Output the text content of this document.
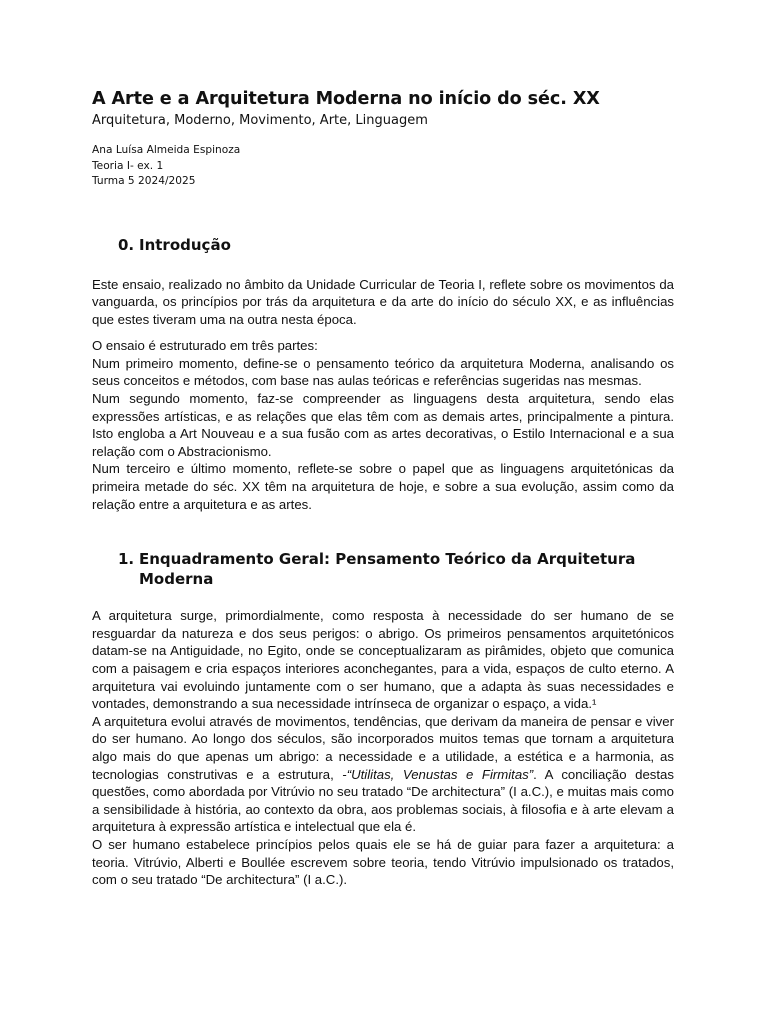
A Arte e a Arquitetura Moderna no início do séc. XX
Arquitetura, Moderno, Movimento, Arte, Linguagem
Ana Luísa Almeida Espinoza
Teoria I- ex. 1
Turma 5 2024/2025
0. Introdução

Este ensaio, realizado no âmbito da Unidade Curricular de Teoria I, reflete sobre os movimentos da vanguarda, os princípios por trás da arquitetura e da arte do início do século XX, e as influências que estes tiveram uma na outra nesta época.

O ensaio é estruturado em três partes:

Num primeiro momento, define-se o pensamento teórico da arquitetura Moderna, analisando os seus conceitos e métodos, com base nas aulas teóricas e referências sugeridas nas mesmas.

Num segundo momento, faz-se compreender as linguagens desta arquitetura, sendo elas expressões artísticas, e as relações que elas têm com as demais artes, principalmente a pintura. Isto engloba a Art Nouveau e a sua fusão com as artes decorativas, o Estilo Internacional e a sua relação com o Abstracionismo.

Num terceiro e último momento, reflete-se sobre o papel que as linguagens arquitetónicas da primeira metade do séc. XX têm na arquitetura de hoje, e sobre a sua evolução, assim como da relação entre a arquitetura e as artes.

1. Enquadramento Geral: Pensamento Teórico da Arquitetura Moderna

A arquitetura surge, primordialmente, como resposta à necessidade do ser humano de se resguardar da natureza e dos seus perigos: o abrigo. Os primeiros pensamentos arquitetónicos datam-se na Antiguidade, no Egito, onde se conceptualizaram as pirâmides, objeto que comunica com a paisagem e cria espaços interiores aconchegantes, para a vida, espaços de culto eterno. A arquitetura vai evoluindo juntamente com o ser humano, que a adapta às suas necessidades e vontades, demonstrando a sua necessidade intrínseca de organizar o espaço, a vida.¹

A arquitetura evolui através de movimentos, tendências, que derivam da maneira de pensar e viver do ser humano. Ao longo dos séculos, são incorporados muitos temas que tornam a arquitetura algo mais do que apenas um abrigo: a necessidade e a utilidade, a estética e a harmonia, as tecnologias construtivas e a estrutura, -“Utilitas, Venustas e Firmitas”. A conciliação destas questões, como abordada por Vitrúvio no seu tratado “De architectura” (I a.C.), e muitas mais como a sensibilidade à história, ao contexto da obra, aos problemas sociais, à filosofia e à arte elevam a arquitetura à expressão artística e intelectual que ela é.

O ser humano estabelece princípios pelos quais ele se há de guiar para fazer a arquitetura: a teoria. Vitrúvio, Alberti e Boullée escrevem sobre teoria, tendo Vitrúvio impulsionado os tratados, com o seu tratado “De architectura” (I a.C.).
